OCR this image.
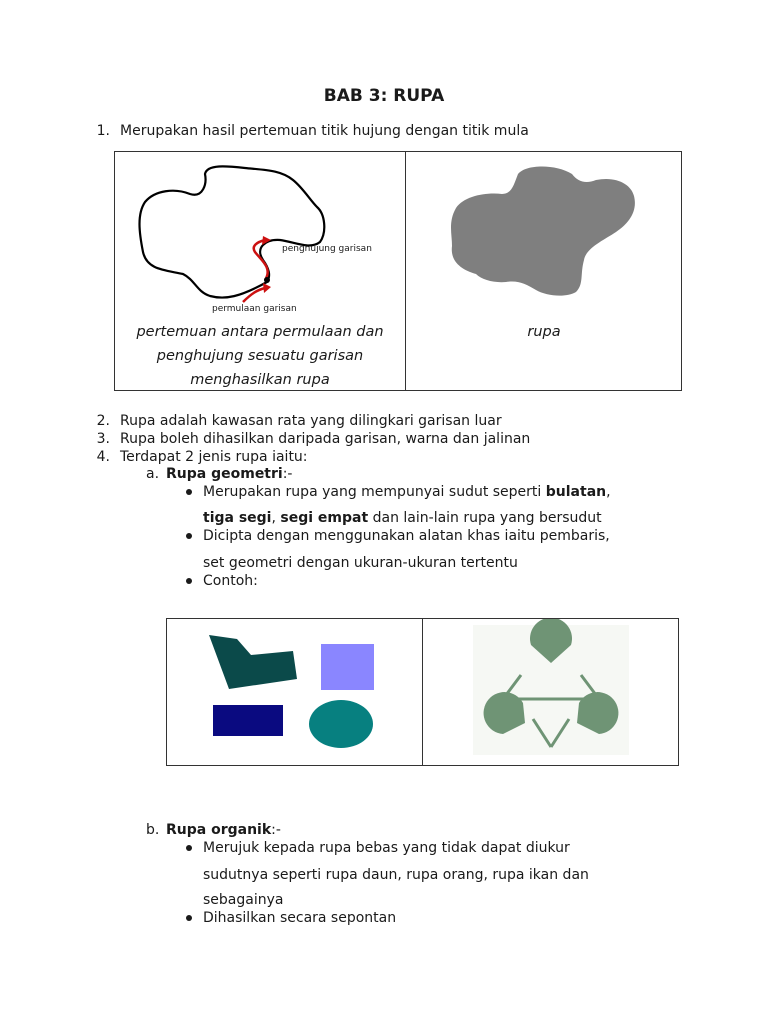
BAB 3: RUPA
1. Merupakan hasil pertemuan titik hujung dengan titik mula
penghujung garisan
permulaan garisan
pertemuan antara permulaan dan
penghujung sesuatu garisan
menghasilkan rupa
rupa
2. Rupa adalah kawasan rata yang dilingkari garisan luar
3. Rupa boleh dihasilkan daripada garisan, warna dan jalinan
4. Terdapat 2 jenis rupa iaitu:
a. Rupa geometri:-
Merupakan rupa yang mempunyai sudut seperti bulatan,
tiga segi, segi empat dan lain-lain rupa yang bersudut
Dicipta dengan menggunakan alatan khas iaitu pembaris,
set geometri dengan ukuran-ukuran tertentu
Contoh:
b. Rupa organik:-
Merujuk kepada rupa bebas yang tidak dapat diukur
sudutnya seperti rupa daun, rupa orang, rupa ikan dan
sebagainya
Dihasilkan secara sepontan
